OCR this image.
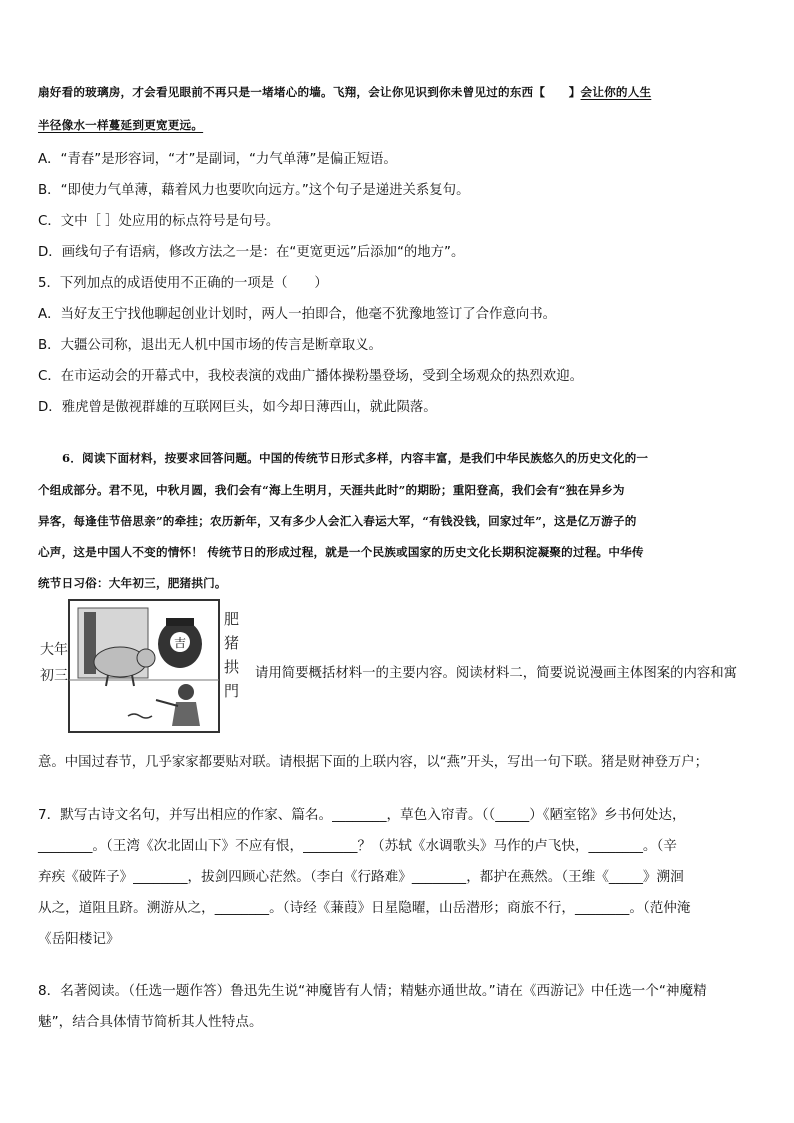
扇好看的玻璃房，才会看见眼前不再只是一堵堵心的墙。飞翔，会让你见识到你未曾见过的东西【　　】会让你的人生
半径像水一样蔓延到更宽更远。
A．“青春”是形容词，“才”是副词，“力气单薄”是偏正短语。
B．“即使力气单薄，藉着风力也要吹向远方。”这个句子是递进关系复句。
C．文中［ ］处应用的标点符号是句号。
D．画线句子有语病，修改方法之一是：在“更宽更远”后添加“的地方”。
5．下列加点的成语使用不正确的一项是（　　）
A．当好友王宁找他聊起创业计划时，两人一拍即合，他毫不犹豫地签订了合作意向书。
B．大疆公司称，退出无人机中国市场的传言是断章取义。
C．在市运动会的开幕式中，我校表演的戏曲广播体操粉墨登场，受到全场观众的热烈欢迎。
D．雅虎曾是傲视群雄的互联网巨头，如今却日薄西山，就此陨落。
6．阅读下面材料，按要求回答问题。中国的传统节日形式多样，内容丰富，是我们中华民族悠久的历史文化的一
个组成部分。君不见，中秋月圆，我们会有“海上生明月，天涯共此时”的期盼；重阳登高，我们会有“独在异乡为
异客，每逢佳节倍思亲”的牵挂；农历新年，又有多少人会汇入春运大军，“有钱没钱，回家过年”，这是亿万游子的
心声，这是中国人不变的情怀！ 传统节日的形成过程，就是一个民族或国家的历史文化长期积淀凝聚的过程。中华传
统节日习俗：大年初三，肥猪拱门。
大年
初三
吉
肥
猪
拱
門
请用简要概括材料一的主要内容。阅读材料二，简要说说漫画主体图案的内容和寓
意。中国过春节，几乎家家都要贴对联。请根据下面的上联内容，以“燕”开头，写出一句下联。猪是财神登万户；
7．默写古诗文名句，并写出相应的作家、篇名。________，草色入帘青。（（_____）《陋室铭》乡书何处达，
________。（王湾《次北固山下》不应有恨，________？（苏轼《水调歌头》马作的卢飞快，________。（辛
弃疾《破阵子》________，拔剑四顾心茫然。（李白《行路难》________，都护在燕然。（王维《_____》溯洄
从之，道阻且跻。溯游从之，________。（诗经《蒹葭》日星隐曜，山岳潜形；商旅不行，________。（范仲淹
《岳阳楼记》
8．名著阅读。（任选一题作答）鲁迅先生说“神魔皆有人情；精魅亦通世故。”请在《西游记》中任选一个“神魔精
魅”，结合具体情节简析其人性特点。
